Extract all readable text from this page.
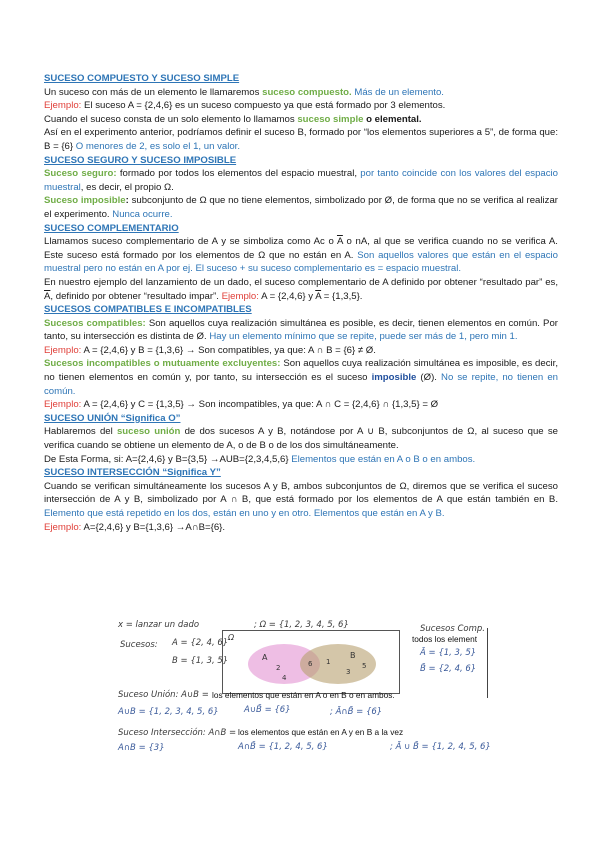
SUCESO COMPUESTO Y SUCESO SIMPLE

Un suceso con más de un elemento le llamaremos suceso compuesto. Más de un elemento.

Ejemplo: El suceso A = {2,4,6} es un suceso compuesto ya que está formado por 3 elementos.

Cuando el suceso consta de un solo elemento lo llamamos suceso simple o elemental.

Así en el experimento anterior, podríamos definir el suceso B, formado por “los elementos superiores a 5”, de forma que: B = {6} O menores de 2, es solo el 1, un valor.

SUCESO SEGURO Y SUCESO IMPOSIBLE

Suceso seguro: formado por todos los elementos del espacio muestral, por tanto coincide con los valores del espacio muestral, es decir, el propio Ω.

Suceso imposible: subconjunto de Ω que no tiene elementos, simbolizado por Ø, de forma que no se verifica al realizar el experimento. Nunca ocurre.

SUCESO COMPLEMENTARIO

Llamamos suceso complementario de A y se simboliza como Ac o $\overline{A}$ o nA, al que se verifica cuando no se verifica A. Este suceso está formado por los elementos de Ω que no están en A. Son aquellos valores que están en el espacio muestral pero no están en A por ej. El suceso + su suceso complementario es = espacio muestral.

En nuestro ejemplo del lanzamiento de un dado, el suceso complementario de A definido por obtener “resultado par” es, $\overline{A}$, definido por obtener “resultado impar”. Ejemplo: A = {2,4,6} y $\overline{A} = \{1,3,5\}$.

SUCESOS COMPATIBLES E INCOMPATIBLES

Sucesos compatibles: Son aquellos cuya realización simultánea es posible, es decir, tienen elementos en común. Por tanto, su intersección es distinta de Ø. Hay un elemento mínimo que se repite, puede ser más de 1, pero min 1.

Ejemplo: A = {2,4,6} y B = {1,3,6} → Son compatibles, ya que: A ∩ B = {6} ≠ Ø.

Sucesos incompatibles o mutuamente excluyentes: Son aquellos cuya realización simultánea es imposible, es decir, no tienen elementos en común y, por tanto, su intersección es el suceso imposible (Ø). No se repite, no tienen en común.

Ejemplo: A = {2,4,6} y C = {1,3,5} → Son incompatibles, ya que: A ∩ C = {2,4,6} ∩ {1,3,5} = Ø

SUCESO UNIÓN “Significa O”

Hablaremos del suceso unión de dos sucesos A y B, notándose por A ∪ B, subconjuntos de Ω, al suceso que se verifica cuando se obtiene un elemento de A, o de B o de los dos simultáneamente.

De Esta Forma, si: A={2,4,6} y B={3,5} →AUB={2,3,4,5,6} Elementos que están en A o B o en ambos.

SUCESO INTERSECCIÓN “Significa Y”

Cuando se verifican simultáneamente los sucesos A y B, ambos subconjuntos de Ω, diremos que se verifica el suceso intersección de A y B, simbolizado por A ∩ B, que está formado por los elementos de A que están también en B. Elemento que está repetido en los dos, están en uno y en otro. Elementos que están en A y B.

Ejemplo: A={2,4,6} y B={1,3,6} →A∩B={6}.

x = lanzar un dado	; Ω = {1, 2, 3, 4, 5, 6}
Sucesos: A = {2, 4, 6}
B = {1, 3, 5}
Ω
A	B
2
4
6 1
3
5
Sucesos Comp.
todos los element
Ā = {1, 3, 5}
B̄ = {2, 4, 6}
Suceso Unión: A∪B = los elementos que están en A o en B o en ambos.
A∪B = {1, 2, 3, 4, 5, 6}	A∪B̄ = {6}	; Ā∩B̄ = {6}
Suceso Intersección: A∩B = los elementos que están en A y en B a la vez
A∩B = {3}	A∩B̄ = {1, 2, 4, 5, 6}	; Ā ∪ B̄ = {1, 2, 4, 5, 6}
